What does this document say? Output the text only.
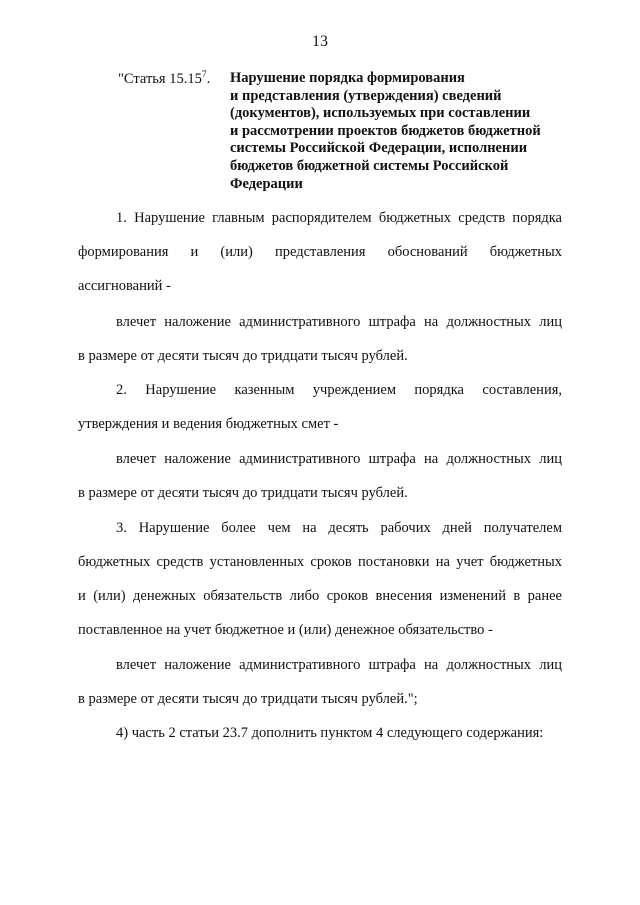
13
"Статья 15.15$^7$. Нарушение порядка формирования
и представления (утверждения) сведений
(документов), используемых при составлении
и рассмотрении проектов бюджетов бюджетной
системы Российской Федерации, исполнении
бюджетов бюджетной системы Российской
Федерации
1. Нарушение главным распорядителем бюджетных средств порядка
формирования и (или) представления обоснований бюджетных
ассигнований -
влечет наложение административного штрафа на должностных лиц
в размере от десяти тысяч до тридцати тысяч рублей.
2. Нарушение казенным учреждением порядка составления,
утверждения и ведения бюджетных смет -
влечет наложение административного штрафа на должностных лиц
в размере от десяти тысяч до тридцати тысяч рублей.
3. Нарушение более чем на десять рабочих дней получателем
бюджетных средств установленных сроков постановки на учет бюджетных
и (или) денежных обязательств либо сроков внесения изменений в ранее
поставленное на учет бюджетное и (или) денежное обязательство -
влечет наложение административного штрафа на должностных лиц
в размере от десяти тысяч до тридцати тысяч рублей.";
4) часть 2 статьи 23.7 дополнить пунктом 4 следующего содержания:
